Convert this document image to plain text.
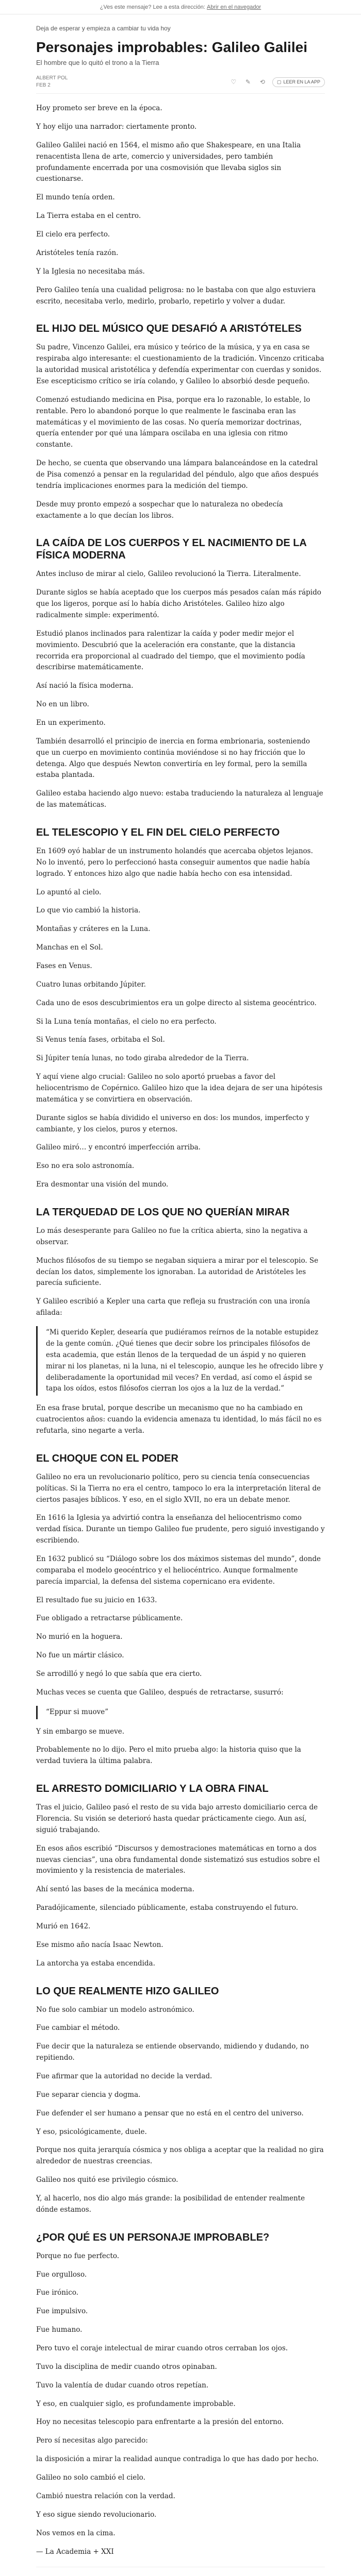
¿Ves este mensaje? Lee a esta dirección:
Abrir en el navegador
Deja de esperar y empieza a cambiar tu vida hoy
Personajes improbables: Galileo Galilei
El hombre que lo quitó el trono a la Tierra
ALBERT POL
FEB 2	♡	✎	⟲	▢ LEER EN LA APP

Hoy prometo ser breve en la época.

Y hoy elijo una narrador: ciertamente pronto.

Galileo Galilei nació en 1564, el mismo año que Shakespeare, en una Italia renacentista llena de arte, comercio y universidades, pero también profundamente encerrada por una cosmovisión que llevaba siglos sin cuestionarse.

El mundo tenía orden.

La Tierra estaba en el centro.

El cielo era perfecto.

Aristóteles tenía razón.

Y la Iglesia no necesitaba más.

Pero Galileo tenía una cualidad peligrosa: no le bastaba con que algo estuviera escrito, necesitaba verlo, medirlo, probarlo, repetirlo y volver a dudar.

EL HIJO DEL MÚSICO QUE DESAFIÓ A ARISTÓTELES

Su padre, Vincenzo Galilei, era músico y teórico de la música, y ya en casa se respiraba algo interesante: el cuestionamiento de la tradición. Vincenzo criticaba la autoridad musical aristotélica y defendía experimentar con cuerdas y sonidos. Ese escepticismo crítico se iría colando, y Galileo lo absorbió desde pequeño.

Comenzó estudiando medicina en Pisa, porque era lo razonable, lo estable, lo rentable. Pero lo abandonó porque lo que realmente le fascinaba eran las matemáticas y el movimiento de las cosas. No quería memorizar doctrinas, quería entender por qué una lámpara oscilaba en una iglesia con ritmo constante.

De hecho, se cuenta que observando una lámpara balanceándose en la catedral de Pisa comenzó a pensar en la regularidad del péndulo, algo que años después tendría implicaciones enormes para la medición del tiempo.

Desde muy pronto empezó a sospechar que lo naturaleza no obedecía exactamente a lo que decían los libros.

LA CAÍDA DE LOS CUERPOS Y EL NACIMIENTO DE LA FÍSICA MODERNA

Antes incluso de mirar al cielo, Galileo revolucionó la Tierra. Literalmente.

Durante siglos se había aceptado que los cuerpos más pesados caían más rápido que los ligeros, porque así lo había dicho Aristóteles. Galileo hizo algo radicalmente simple: experimentó.

Estudió planos inclinados para ralentizar la caída y poder medir mejor el movimiento. Descubrió que la aceleración era constante, que la distancia recorrida era proporcional al cuadrado del tiempo, que el movimiento podía describirse matemáticamente.

Así nació la física moderna.

No en un libro.

En un experimento.

También desarrolló el principio de inercia en forma embrionaria, sosteniendo que un cuerpo en movimiento continúa moviéndose si no hay fricción que lo detenga. Algo que después Newton convertiría en ley formal, pero la semilla estaba plantada.

Galileo estaba haciendo algo nuevo: estaba traduciendo la naturaleza al lenguaje de las matemáticas.

EL TELESCOPIO Y EL FIN DEL CIELO PERFECTO

En 1609 oyó hablar de un instrumento holandés que acercaba objetos lejanos. No lo inventó, pero lo perfeccionó hasta conseguir aumentos que nadie había logrado. Y entonces hizo algo que nadie había hecho con esa intensidad.

Lo apuntó al cielo.

Lo que vio cambió la historia.

Montañas y cráteres en la Luna.

Manchas en el Sol.

Fases en Venus.

Cuatro lunas orbitando Júpiter.

Cada uno de esos descubrimientos era un golpe directo al sistema geocéntrico.

Si la Luna tenía montañas, el cielo no era perfecto.

Si Venus tenía fases, orbitaba el Sol.

Si Júpiter tenía lunas, no todo giraba alrededor de la Tierra.

Y aquí viene algo crucial: Galileo no solo aportó pruebas a favor del heliocentrismo de Copérnico. Galileo hizo que la idea dejara de ser una hipótesis matemática y se convirtiera en observación.

Durante siglos se había dividido el universo en dos: los mundos, imperfecto y cambiante, y los cielos, puros y eternos.

Galileo miró… y encontró imperfección arriba.

Eso no era solo astronomía.

Era desmontar una visión del mundo.

LA TERQUEDAD DE LOS QUE NO QUERÍAN MIRAR

Lo más desesperante para Galileo no fue la crítica abierta, sino la negativa a observar.

Muchos filósofos de su tiempo se negaban siquiera a mirar por el telescopio. Se decían los datos, simplemente los ignoraban. La autoridad de Aristóteles les parecía suficiente.

Y Galileo escribió a Kepler una carta que refleja su frustración con una ironía afilada:

“Mi querido Kepler, desearía que pudiéramos reírnos de la notable estupidez de la gente común. ¿Qué tienes que decir sobre los principales filósofos de esta academia, que están llenos de la terquedad de un áspid y no quieren mirar ni los planetas, ni la luna, ni el telescopio, aunque les he ofrecido libre y deliberadamente la oportunidad mil veces? En verdad, así como el áspid se tapa los oídos, estos filósofos cierran los ojos a la luz de la verdad.”

En esa frase brutal, porque describe un mecanismo que no ha cambiado en cuatrocientos años: cuando la evidencia amenaza tu identidad, lo más fácil no es refutarla, sino negarte a verla.

EL CHOQUE CON EL PODER

Galileo no era un revolucionario político, pero su ciencia tenía consecuencias políticas. Si la Tierra no era el centro, tampoco lo era la interpretación literal de ciertos pasajes bíblicos. Y eso, en el siglo XVII, no era un debate menor.

En 1616 la Iglesia ya advirtió contra la enseñanza del heliocentrismo como verdad física. Durante un tiempo Galileo fue prudente, pero siguió investigando y escribiendo.

En 1632 publicó su “Diálogo sobre los dos máximos sistemas del mundo”, donde comparaba el modelo geocéntrico y el heliocéntrico. Aunque formalmente parecía imparcial, la defensa del sistema copernicano era evidente.

El resultado fue su juicio en 1633.

Fue obligado a retractarse públicamente.

No murió en la hoguera.

No fue un mártir clásico.

Se arrodilló y negó lo que sabía que era cierto.

Muchas veces se cuenta que Galileo, después de retractarse, susurró:

“Eppur si muove”

Y sin embargo se mueve.

Probablemente no lo dijo. Pero el mito prueba algo: la historia quiso que la verdad tuviera la última palabra.

EL ARRESTO DOMICILIARIO Y LA OBRA FINAL

Tras el juicio, Galileo pasó el resto de su vida bajo arresto domiciliario cerca de Florencia. Su visión se deterioró hasta quedar prácticamente ciego. Aun así, siguió trabajando.

En esos años escribió “Discursos y demostraciones matemáticas en torno a dos nuevas ciencias”, una obra fundamental donde sistematizó sus estudios sobre el movimiento y la resistencia de materiales.

Ahí sentó las bases de la mecánica moderna.

Paradójicamente, silenciado públicamente, estaba construyendo el futuro.

Murió en 1642.

Ese mismo año nacía Isaac Newton.

La antorcha ya estaba encendida.

LO QUE REALMENTE HIZO GALILEO

No fue solo cambiar un modelo astronómico.

Fue cambiar el método.

Fue decir que la naturaleza se entiende observando, midiendo y dudando, no repitiendo.

Fue afirmar que la autoridad no decide la verdad.

Fue separar ciencia y dogma.

Fue defender el ser humano a pensar que no está en el centro del universo.

Y eso, psicológicamente, duele.

Porque nos quita jerarquía cósmica y nos obliga a aceptar que la realidad no gira alrededor de nuestras creencias.

Galileo nos quitó ese privilegio cósmico.

Y, al hacerlo, nos dio algo más grande: la posibilidad de entender realmente dónde estamos.

¿POR QUÉ ES UN PERSONAJE IMPROBABLE?

Porque no fue perfecto.

Fue orgulloso.

Fue irónico.

Fue impulsivo.

Fue humano.

Pero tuvo el coraje intelectual de mirar cuando otros cerraban los ojos.

Tuvo la disciplina de medir cuando otros opinaban.

Tuvo la valentía de dudar cuando otros repetían.

Y eso, en cualquier siglo, es profundamente improbable.

Hoy no necesitas telescopio para enfrentarte a la presión del entorno.

Pero sí necesitas algo parecido:

la disposición a mirar la realidad aunque contradiga lo que has dado por hecho.

Galileo no solo cambió el cielo.

Cambió nuestra relación con la verdad.

Y eso sigue siendo revolucionario.

Nos vemos en la cima.

— La Academia + XXI
